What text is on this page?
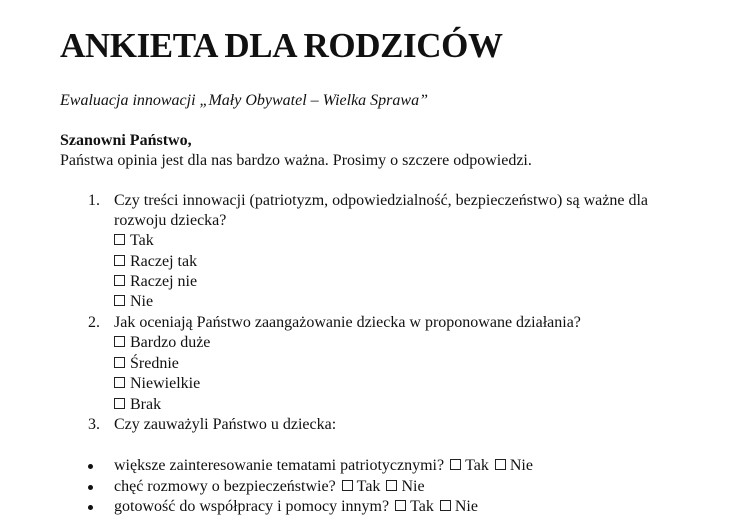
ANKIETA DLA RODZICÓW

Ewaluacja innowacji „Mały Obywatel – Wielka Sprawa”

Szanowni Państwo,
Państwa opinia jest dla nas bardzo ważna. Prosimy o szczere odpowiedzi.
1. Czy treści innowacji (patriotyzm, odpowiedzialność, bezpieczeństwo) są ważne dla
rozwoju dziecka?
Tak
Raczej tak
Raczej nie
Nie
2. Jak oceniają Państwo zaangażowanie dziecka w proponowane działania?
Bardzo duże
Średnie
Niewielkie
Brak
3. Czy zauważyli Państwo u dziecka:
większe zainteresowanie tematami patriotycznymi? Tak Nie
chęć rozmowy o bezpieczeństwie? Tak Nie
gotowość do współpracy i pomocy innym? Tak Nie
